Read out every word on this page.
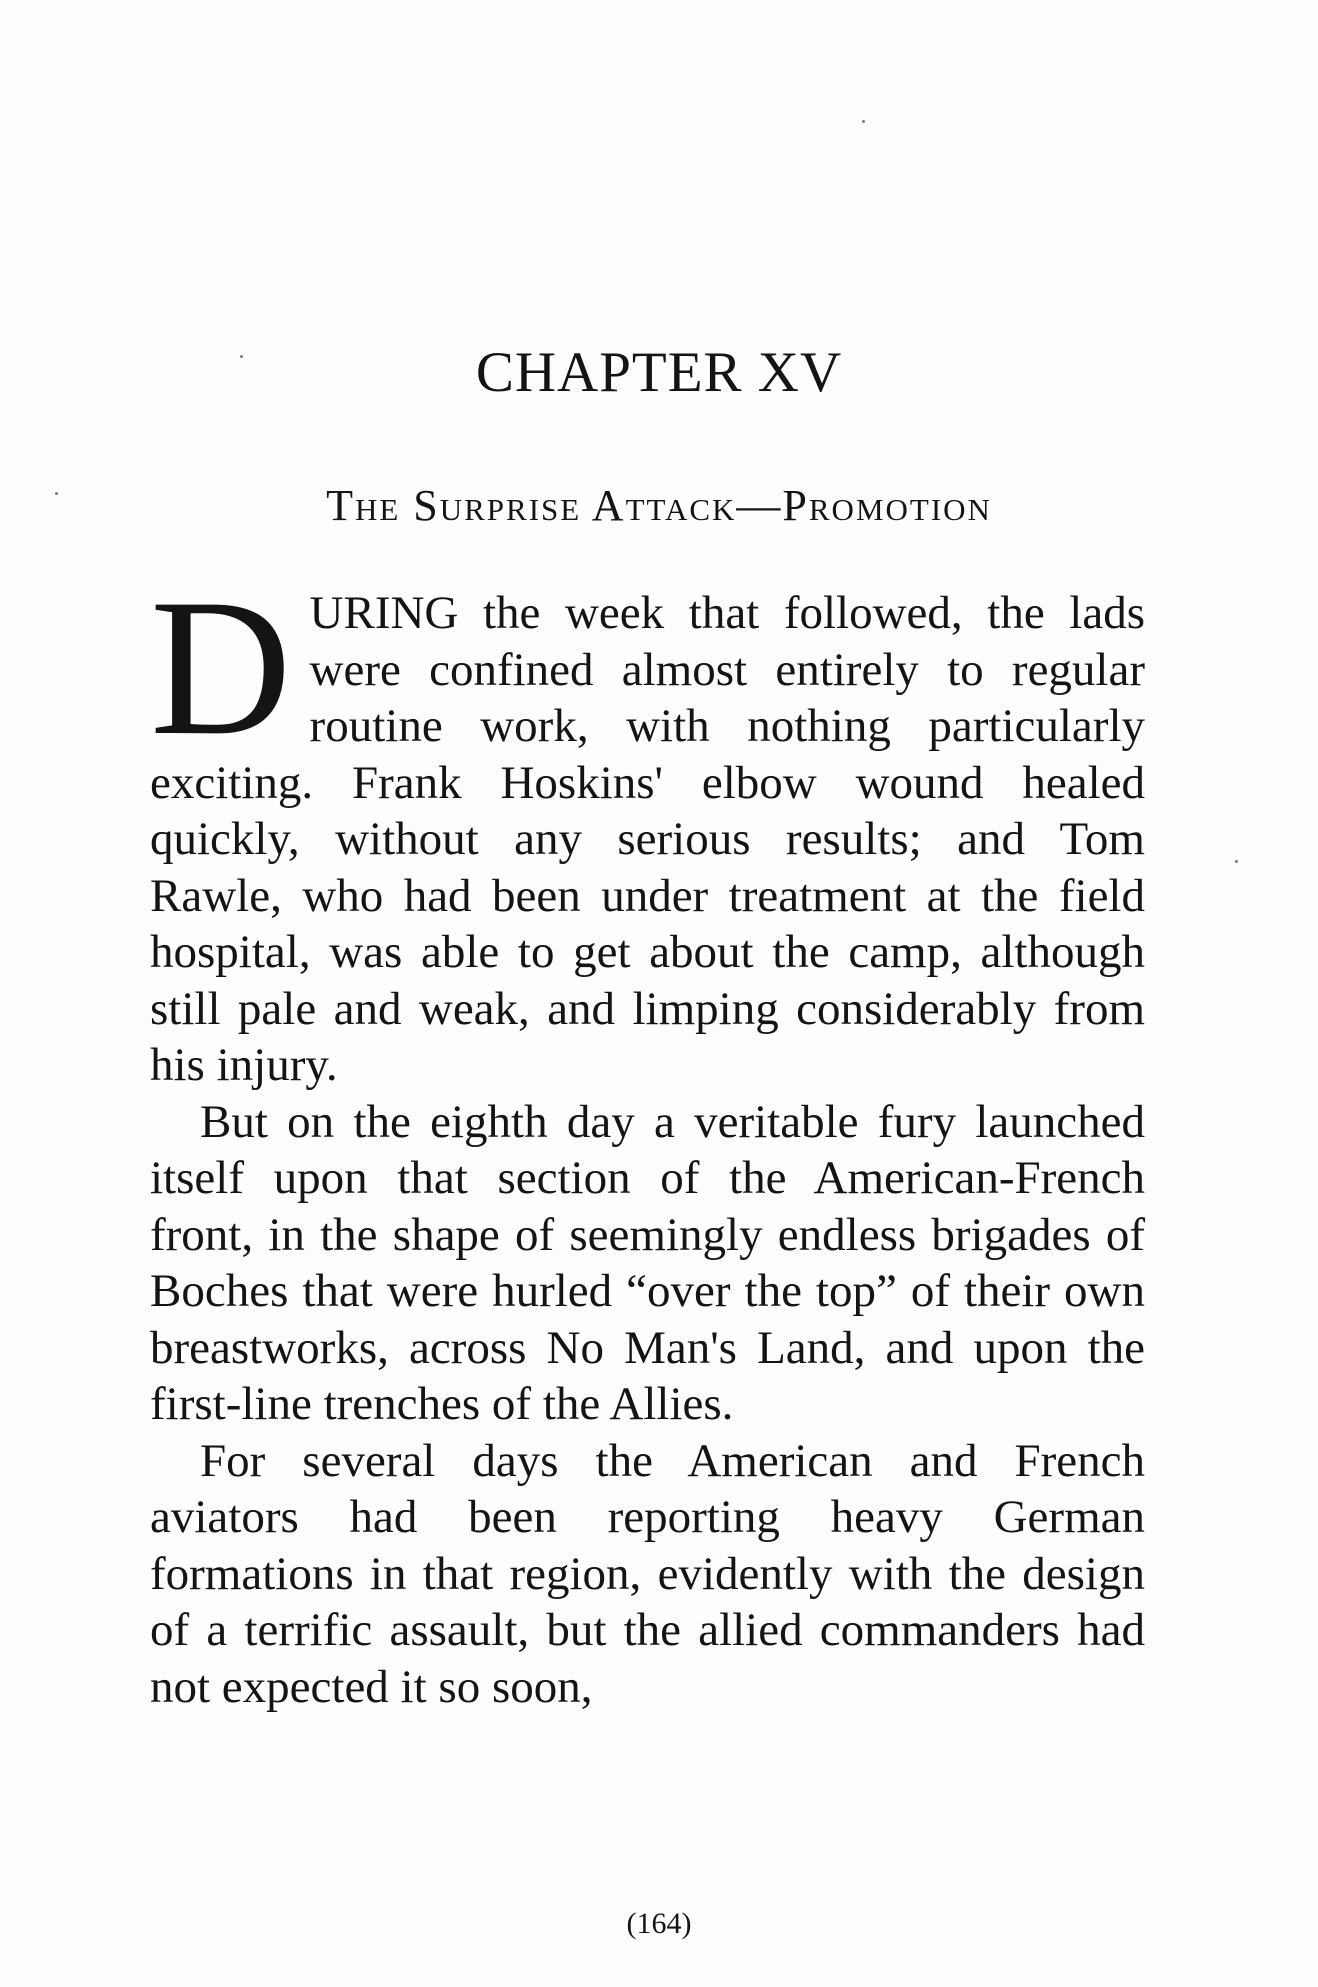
CHAPTER XV
The Surprise Attack—Promotion

DURING the week that followed, the lads were confined almost entirely to regular routine work, with nothing particularly exciting. Frank Hoskins' elbow wound healed quickly, without any serious results; and Tom Rawle, who had been under treatment at the field hospital, was able to get about the camp, although still pale and weak, and limping considerably from his injury.

But on the eighth day a veritable fury launched itself upon that section of the American-French front, in the shape of seemingly endless brigades of Boches that were hurled “over the top” of their own breastworks, across No Man's Land, and upon the first-line trenches of the Allies.

For several days the American and French aviators had been reporting heavy German formations in that region, evidently with the design of a terrific assault, but the allied commanders had not expected it so soon,

(164)
